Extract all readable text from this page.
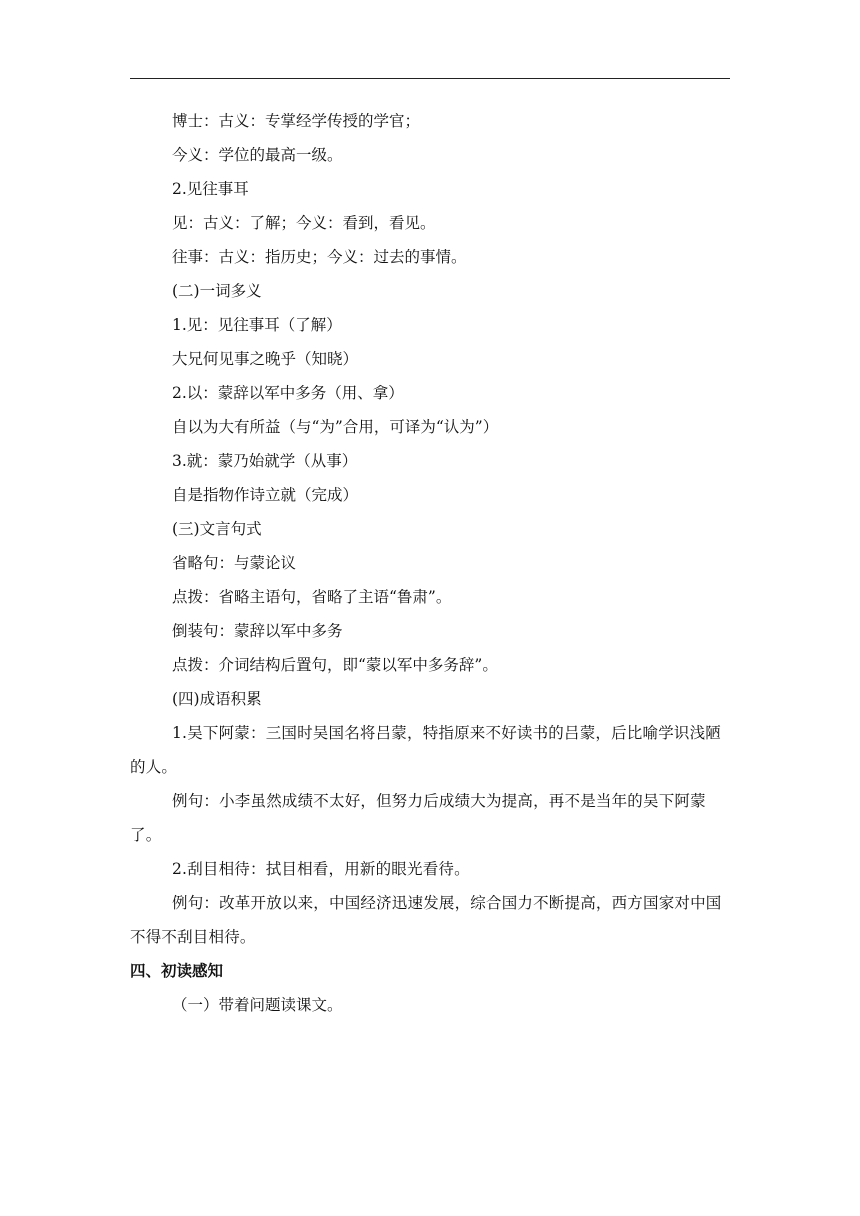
博士：古义：专掌经学传授的学官；
今义：学位的最高一级。
2.见往事耳
见：古义：了解；今义：看到，看见。
往事：古义：指历史；今义：过去的事情。
(二)一词多义
1.见：见往事耳（了解）
大兄何见事之晚乎（知晓）
2.以：蒙辞以军中多务（用、拿）
自以为大有所益（与“为”合用，可译为“认为”）
3.就：蒙乃始就学（从事）
自是指物作诗立就（完成）
(三)文言句式
省略句：与蒙论议
点拨：省略主语句，省略了主语“鲁肃”。
倒装句：蒙辞以军中多务
点拨：介词结构后置句，即“蒙以军中多务辞”。
(四)成语积累
1.吴下阿蒙：三国时吴国名将吕蒙，特指原来不好读书的吕蒙，后比喻学识浅陋的人。
例句：小李虽然成绩不太好，但努力后成绩大为提高，再不是当年的吴下阿蒙了。
2.刮目相待：拭目相看，用新的眼光看待。
例句：改革开放以来，中国经济迅速发展，综合国力不断提高，西方国家对中国不得不刮目相待。
四、初读感知
（一）带着问题读课文。
